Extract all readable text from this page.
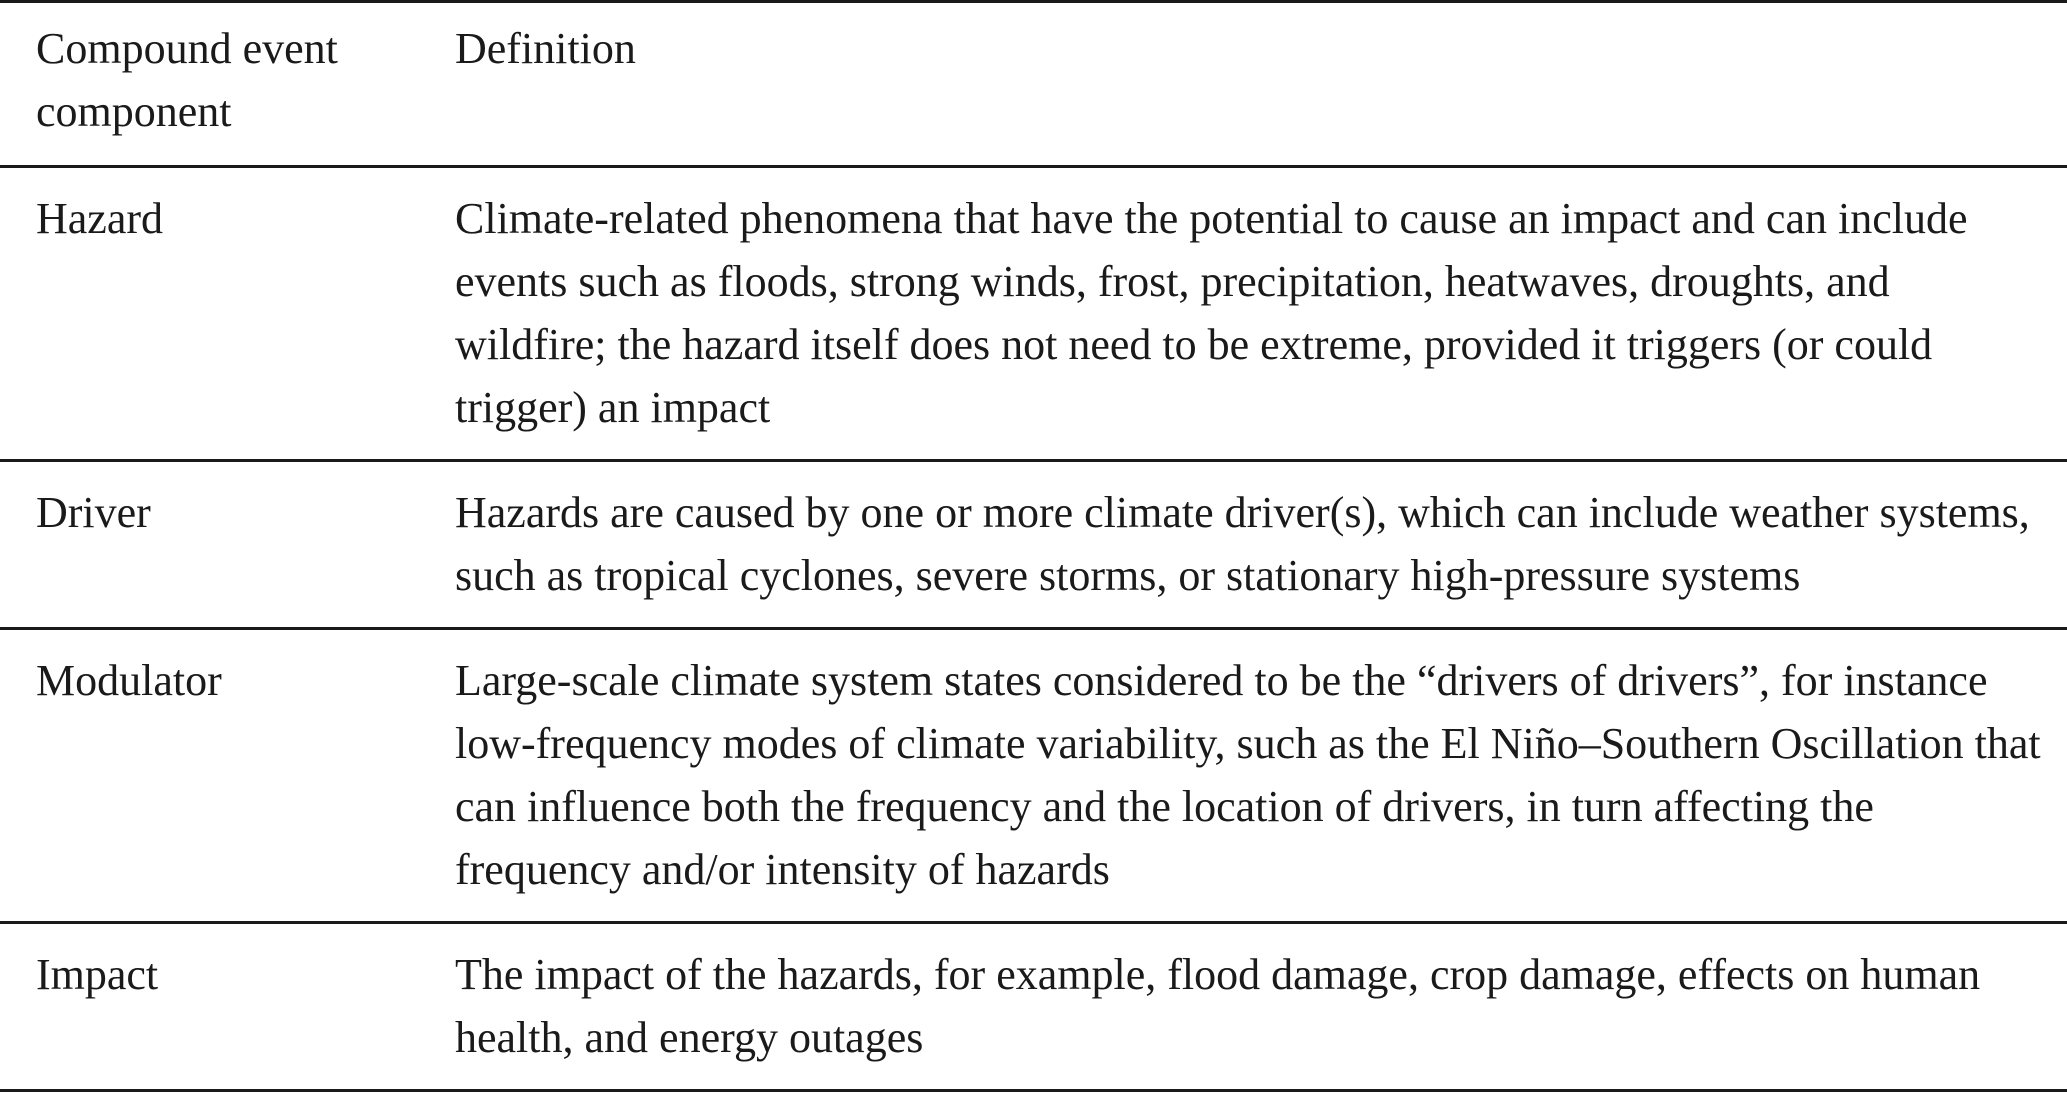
Compound event component	Definition
Hazard	Climate-related phenomena that have the potential to cause an impact and can include events such as floods, strong winds, frost, precipitation, heatwaves, droughts, and wildfire; the hazard itself does not need to be extreme, provided it triggers (or could trigger) an impact
Driver	Hazards are caused by one or more climate driver(s), which can include weather systems, such as tropical cyclones, severe storms, or stationary high-pressure systems
Modulator	Large-scale climate system states considered to be the “drivers of drivers”, for instance low-frequency modes of climate variability, such as the El Niño–Southern Oscillation that can influence both the frequency and the location of drivers, in turn affecting the frequency and/or intensity of hazards
Impact	The impact of the hazards, for example, flood damage, crop damage, effects on human health, and energy outages
